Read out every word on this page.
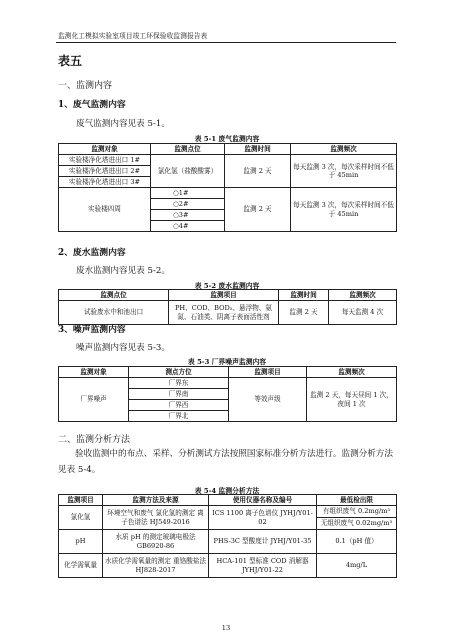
监测化工模拟实验室项目竣工环保验收监测报告表
表五
一、监测内容
1、废气监测内容
废气监测内容见表 5-1。
表 5-1 废气监测内容
监测对象	监测点位	监测时间	监测频次
实验楼净化塔进出口 1#	氯化氢（盐酸酸雾）	监测 2 天	每天监测 3 次，每次采样时间不低于 45min
实验楼净化塔进出口 2#			
实验楼净化塔进出口 3#			
实验楼四周	○1#	监测 2 天	每天监测 3 次，每次采样时间不低于 45min
	○2#		
	○3#		
	○4#		
2、废水监测内容
废水监测内容见表 5-2。
表 5-2 废水监测内容
监测点位	监测项目	监测时间	监测频次
试验废水中和池出口	PH、COD、BOD₅、悬浮物、氨氮、石油类、阴离子表面活性剂	监测 2 天	每天监测 4 次
3、噪声监测内容
噪声监测内容见表 5-3。
表 5-3 厂界噪声监测内容
监测对象	测点方位	监测项目	监测频次
厂界噪声	厂界东	等效声级	监测 2 天，每天昼间 1 次，夜间 1 次
	厂界南		
	厂界西		
	厂界北		
二、监测分析方法
验收监测中的布点、采样、分析测试方法按照国家标准分析方法进行。监测分析方法见表 5-4。
表 5-4 监测分析方法
监测项目	监测方法及来源	使用仪器名称及编号	最低检出限
氯化氢	环境空气和废气 氯化氢的测定 离子色谱法 HJ549-2016	ICS 1100 离子色谱仪 JYHJ/Y01-02	有组织废气 0.2mg/m³
			无组织废气 0.02mg/m³
pH	水质 pH 的测定玻璃电极法 GB6920-86	PHS-3C 型酸度计 JYHJ/Y01-35	0.1（pH 值）
化学需氧量	水质化学需氧量的测定 重铬酸盐法 HJ828-2017	HCA-101 型标准 COD 消解器 JYHJ/Y01-22	4mg/L
13
